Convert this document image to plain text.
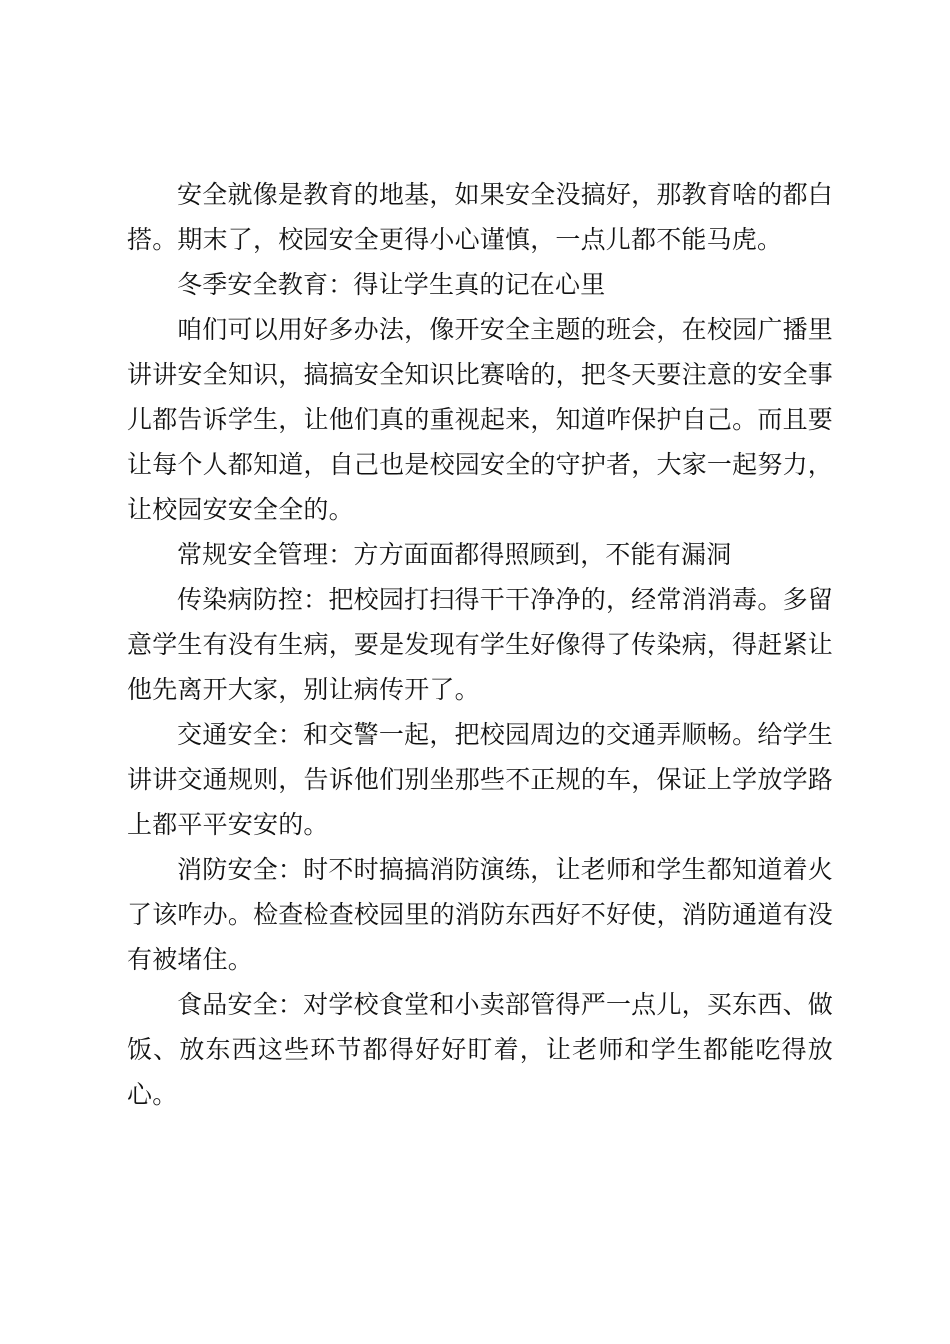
安全就像是教育的地基，如果安全没搞好，那教育啥的都白搭。期末了，校园安全更得小心谨慎，一点儿都不能马虎。

冬季安全教育：得让学生真的记在心里

咱们可以用好多办法，像开安全主题的班会，在校园广播里讲讲安全知识，搞搞安全知识比赛啥的，把冬天要注意的安全事儿都告诉学生，让他们真的重视起来，知道咋保护自己。而且要让每个人都知道，自己也是校园安全的守护者，大家一起努力，让校园安安全全的。

常规安全管理：方方面面都得照顾到，不能有漏洞

传染病防控：把校园打扫得干干净净的，经常消消毒。多留意学生有没有生病，要是发现有学生好像得了传染病，得赶紧让他先离开大家，别让病传开了。

交通安全：和交警一起，把校园周边的交通弄顺畅。给学生讲讲交通规则，告诉他们别坐那些不正规的车，保证上学放学路上都平平安安的。

消防安全：时不时搞搞消防演练，让老师和学生都知道着火了该咋办。检查检查校园里的消防东西好不好使，消防通道有没有被堵住。

食品安全：对学校食堂和小卖部管得严一点儿，买东西、做饭、放东西这些环节都得好好盯着，让老师和学生都能吃得放心。
